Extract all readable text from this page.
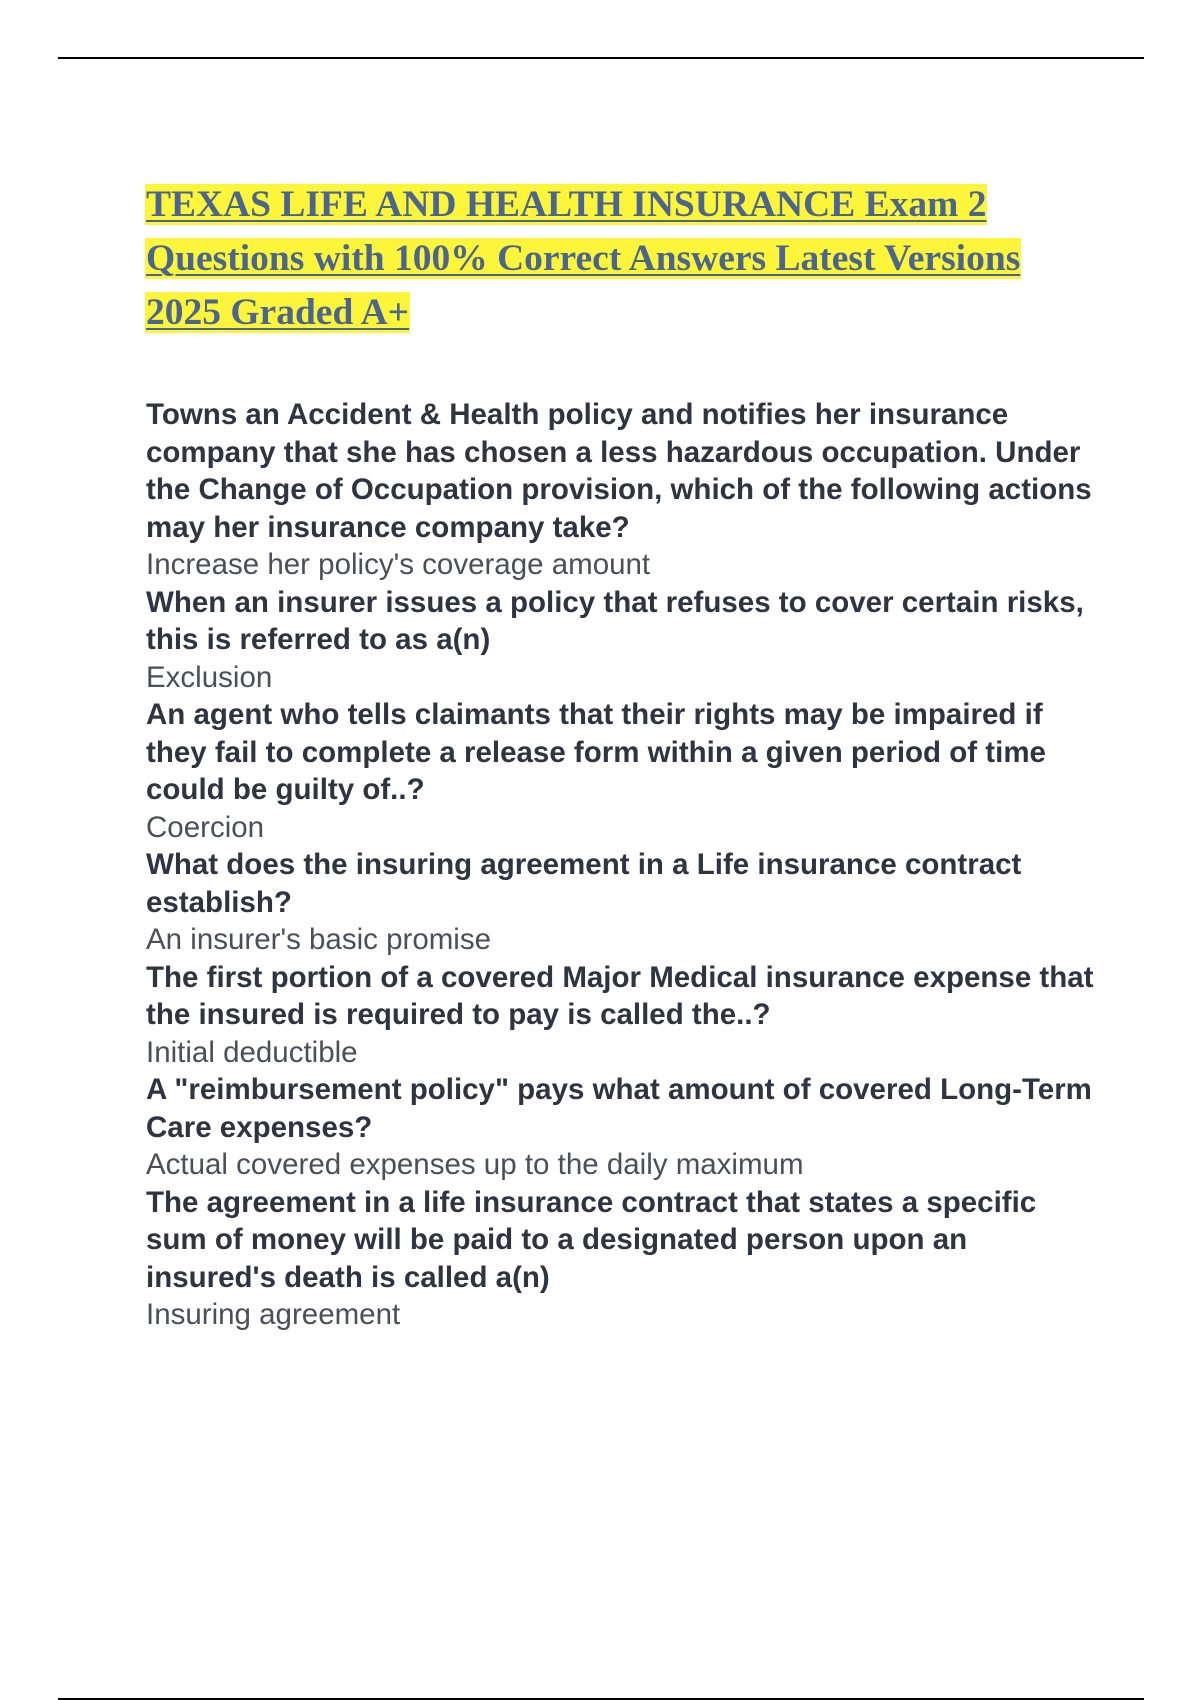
TEXAS LIFE AND HEALTH INSURANCE Exam 2
Questions with 100% Correct Answers Latest Versions
2025 Graded A+

Towns an Accident & Health policy and notifies her insurance company that she has chosen a less hazardous occupation. Under the Change of Occupation provision, which of the following actions may her insurance company take?

Increase her policy's coverage amount

When an insurer issues a policy that refuses to cover certain risks, this is referred to as a(n)

Exclusion

An agent who tells claimants that their rights may be impaired if they fail to complete a release form within a given period of time could be guilty of..?

Coercion

What does the insuring agreement in a Life insurance contract establish?

An insurer's basic promise

The first portion of a covered Major Medical insurance expense that the insured is required to pay is called the..?

Initial deductible

A "reimbursement policy" pays what amount of covered Long-Term Care expenses?

Actual covered expenses up to the daily maximum

The agreement in a life insurance contract that states a specific sum of money will be paid to a designated person upon an insured's death is called a(n)

Insuring agreement
